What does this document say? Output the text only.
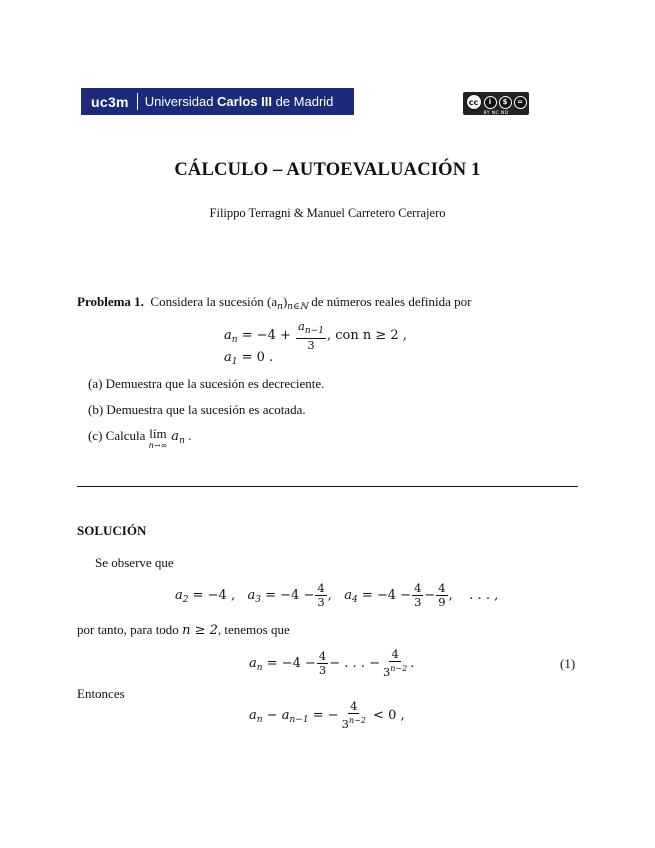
uc3m	Universidad Carlos III de Madrid	cc	i	$	=
BY NC ND
CÁLCULO – AUTOEVALUACIÓN 1
Filippo Terragni & Manuel Carretero Cerrajero
Problema 1. Considera la sucesión $(a_n)_{n\in ℕ}$ de números reales definida por
$a_n = -4 + \frac{a_{n-1}}{3}$ , con n ≥ 2 ,
$a_1 = 0$ .
(a) Demuestra que la sucesión es decreciente.
(b) Demuestra que la sucesión es acotada.
(c) Calcula lím
n→∞
$a_n$ .
SOLUCIÓN
Se observe que
$a_2 = -4$ ,   $a_3 = -4 - \frac{4}{3}$ ,   $a_4 = -4 - \frac{4}{3} - \frac{4}{9}$ ,    . . . ,
por tanto, para todo n ≥ 2, tenemos que
$a_n = -4 - \frac{4}{3}$ − . . . − $\frac{4}{3^{n-2}}$ .	(1)
Entonces
$a_n - a_{n-1}$ = − $\frac{4}{3^{n-2}} < 0$ ,
